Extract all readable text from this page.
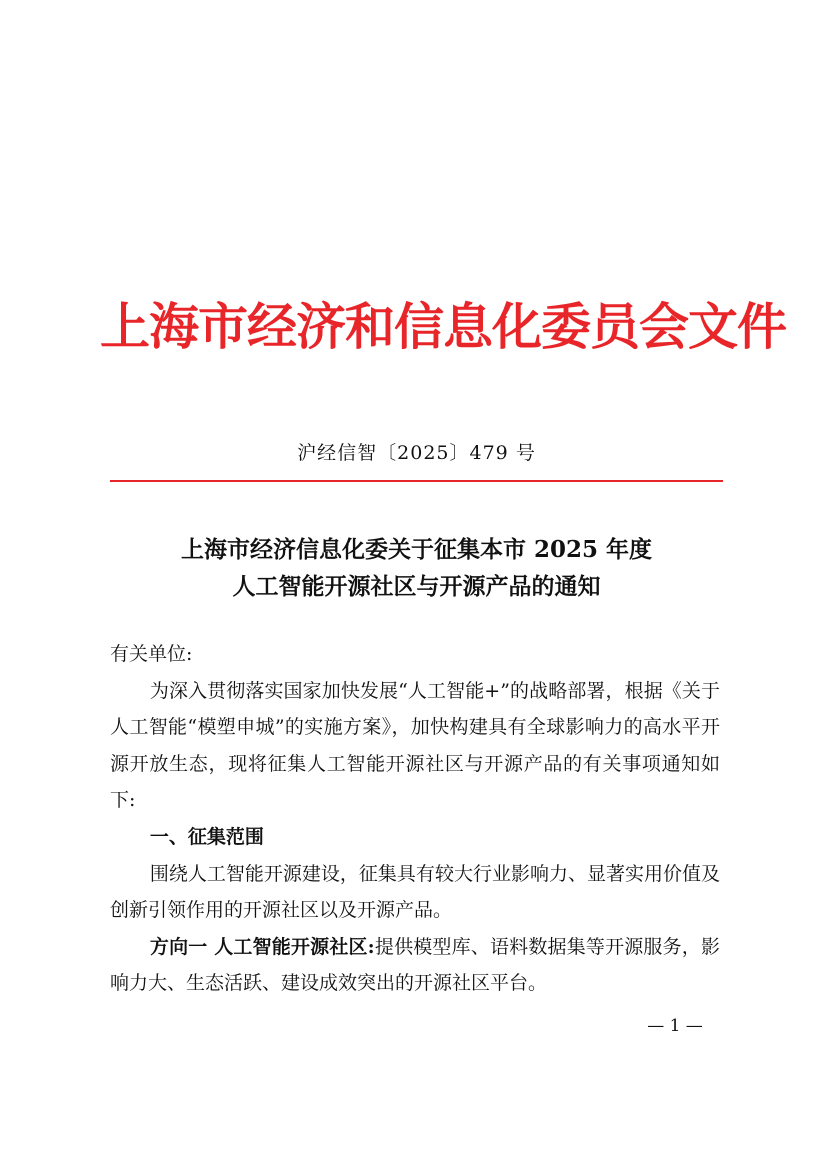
上海市经济和信息化委员会文件
沪经信智〔2025〕479 号
上海市经济信息化委关于征集本市 2025 年度
人工智能开源社区与开源产品的通知

有关单位:

为深入贯彻落实国家加快发展“人工智能+”的战略部署，根据《关于人工智能“模塑申城”的实施方案》，加快构建具有全球影响力的高水平开源开放生态，现将征集人工智能开源社区与开源产品的有关事项通知如下:

一、征集范围

围绕人工智能开源建设，征集具有较大行业影响力、显著实用价值及创新引领作用的开源社区以及开源产品。

方向一 人工智能开源社区:提供模型库、语料数据集等开源服务，影响力大、生态活跃、建设成效突出的开源社区平台。

— 1 —
